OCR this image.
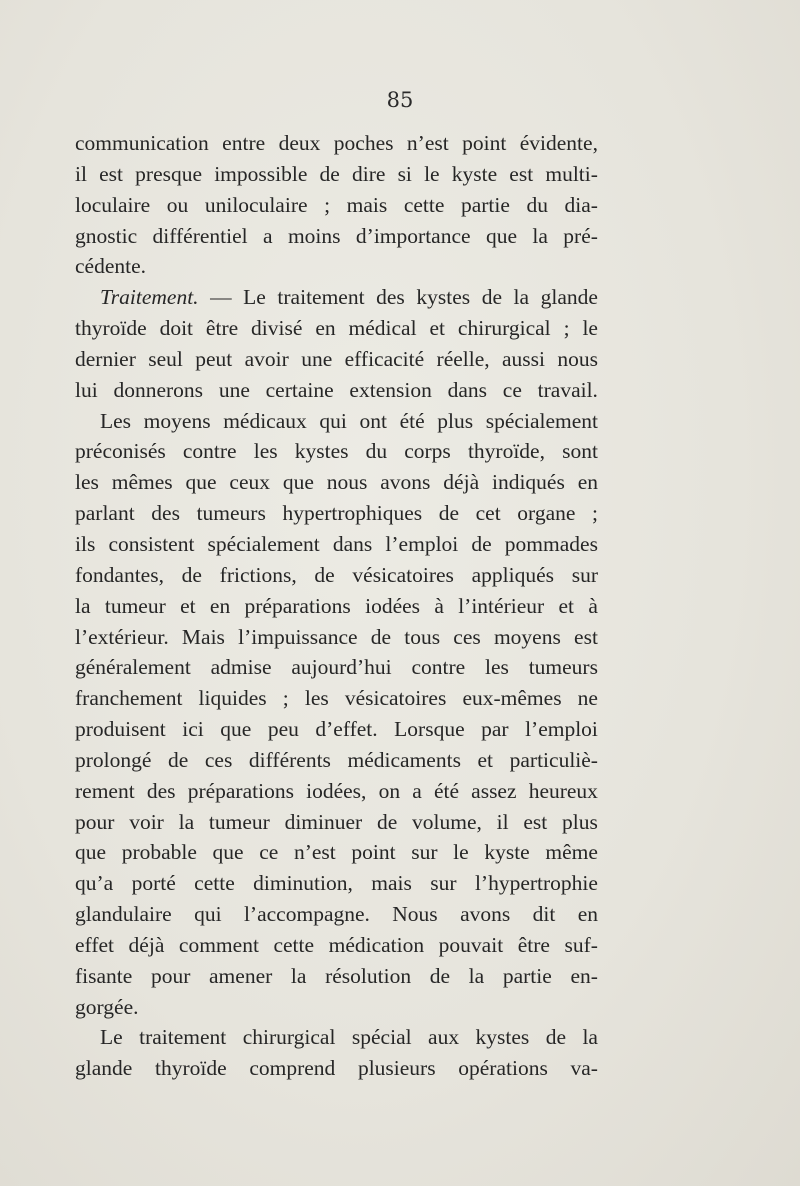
85
communication entre deux poches n’est point évidente,
il est presque impossible de dire si le kyste est multi-
loculaire ou uniloculaire ; mais cette partie du dia-
gnostic différentiel a moins d’importance que la pré-
cédente.
Traitement. — Le traitement des kystes de la glande
thyroïde doit être divisé en médical et chirurgical ; le
dernier seul peut avoir une efficacité réelle, aussi nous
lui donnerons une certaine extension dans ce travail.
Les moyens médicaux qui ont été plus spécialement
préconisés contre les kystes du corps thyroïde, sont
les mêmes que ceux que nous avons déjà indiqués en
parlant des tumeurs hypertrophiques de cet organe ;
ils consistent spécialement dans l’emploi de pommades
fondantes, de frictions, de vésicatoires appliqués sur
la tumeur et en préparations iodées à l’intérieur et à
l’extérieur. Mais l’impuissance de tous ces moyens est
généralement admise aujourd’hui contre les tumeurs
franchement liquides ; les vésicatoires eux-mêmes ne
produisent ici que peu d’effet. Lorsque par l’emploi
prolongé de ces différents médicaments et particuliè-
rement des préparations iodées, on a été assez heureux
pour voir la tumeur diminuer de volume, il est plus
que probable que ce n’est point sur le kyste même
qu’a porté cette diminution, mais sur l’hypertrophie
glandulaire qui l’accompagne. Nous avons dit en
effet déjà comment cette médication pouvait être suf-
fisante pour amener la résolution de la partie en-
gorgée.
Le traitement chirurgical spécial aux kystes de la
glande thyroïde comprend plusieurs opérations va-
